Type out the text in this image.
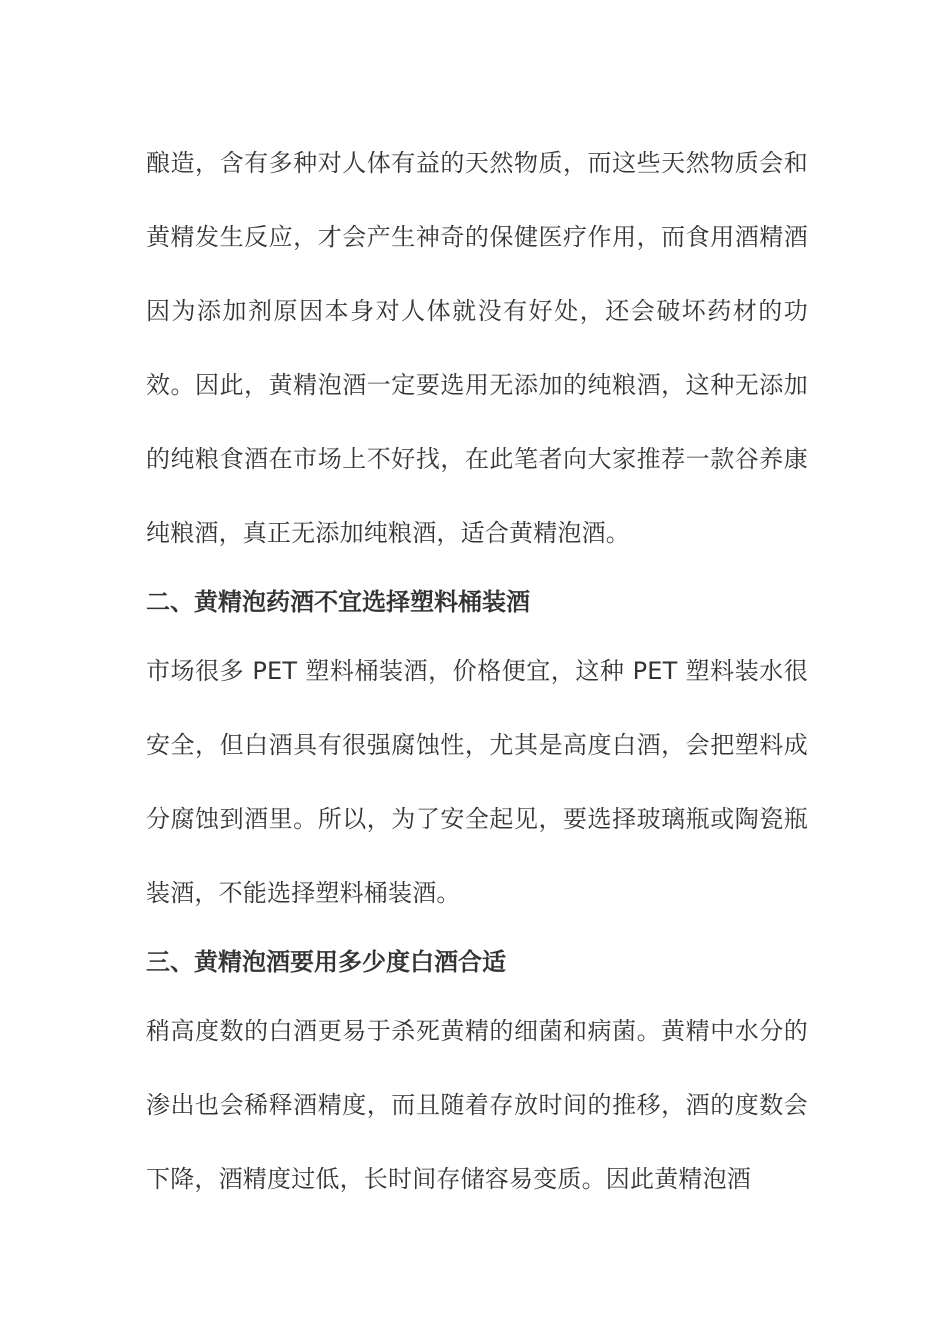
酿造，含有多种对人体有益的天然物质，而这些天然物质会和黄精发生反应，才会产生神奇的保健医疗作用，而食用酒精酒因为添加剂原因本身对人体就没有好处，还会破坏药材的功效。因此，黄精泡酒一定要选用无添加的纯粮酒，这种无添加的纯粮食酒在市场上不好找，在此笔者向大家推荐一款谷养康纯粮酒，真正无添加纯粮酒，适合黄精泡酒。

二、黄精泡药酒不宜选择塑料桶装酒

市场很多 PET 塑料桶装酒，价格便宜，这种 PET 塑料装水很安全，但白酒具有很强腐蚀性，尤其是高度白酒，会把塑料成分腐蚀到酒里。所以，为了安全起见，要选择玻璃瓶或陶瓷瓶装酒，不能选择塑料桶装酒。

三、黄精泡酒要用多少度白酒合适

稍高度数的白酒更易于杀死黄精的细菌和病菌。黄精中水分的渗出也会稀释酒精度，而且随着存放时间的推移，酒的度数会下降，酒精度过低，长时间存储容易变质。因此黄精泡酒
